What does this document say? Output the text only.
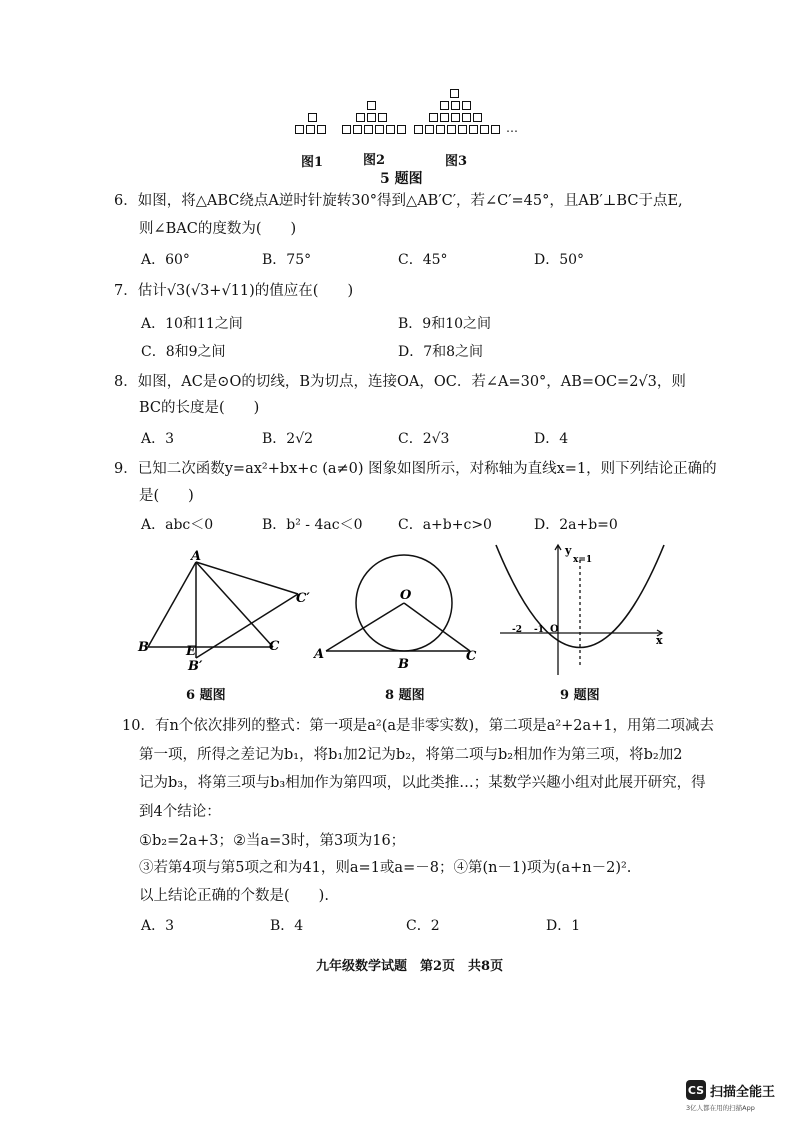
…
图1	图2	图3
5 题图
6．如图，将△ABC绕点A逆时针旋转30°得到△AB′C′，若∠C′=45°，且AB′⊥BC于点E,
则∠BAC的度数为(　　)
A．60°	B．75°	C．45°	D．50°
7．估计√3(√3+√11)的值应在(　　)
A．10和11之间	B．9和10之间
C．8和9之间	D．7和8之间
8．如图，AC是⊙O的切线，B为切点，连接OA，OC．若∠A=30°，AB=OC=2√3，则
BC的长度是(　　)
A．3	B．2√2	C．2√3	D．4
9．已知二次函数y=ax²+bx+c (a≠0) 图象如图所示，对称轴为直线x=1，则下列结论正确的
是(　　)
A．abc＜0	B．b² - 4ac＜0	C．a+b+c>0	D．2a+b=0
A
B	C
C′
E
B′
6 题图
O
A
B
C
8 题图
y
x=1
x
-2 -1 O
9 题图
10．有n个依次排列的整式：第一项是a²(a是非零实数)，第二项是a²+2a+1，用第二项减去
第一项，所得之差记为b₁，将b₁加2记为b₂，将第二项与b₂相加作为第三项，将b₂加2
记为b₃，将第三项与b₃相加作为第四项，以此类推…；某数学兴趣小组对此展开研究，得
到4个结论：
①b₂=2a+3；②当a=3时，第3项为16；
③若第4项与第5项之和为41，则a=1或a=－8；④第(n－1)项为(a+n－2)².
以上结论正确的个数是(　　).
A．3	B．4	C．2	D．1
九年级数学试题　第2页　共8页
CS 扫描全能王
3亿人都在用的扫描App
